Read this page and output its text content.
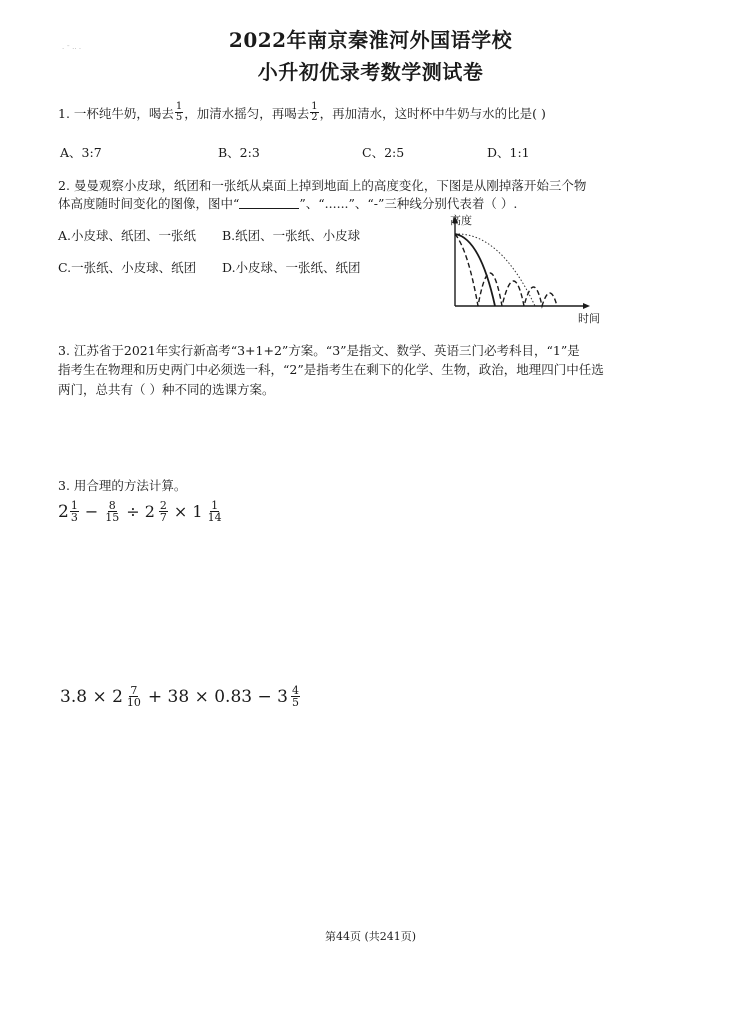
· ˉ ·· ·	2022年南京秦淮河外国语学校
小升初优录考数学测试卷
1. 一杯纯牛奶，喝去 $\frac{1}{5}$ ，加清水摇匀，再喝去 $\frac{1}{2}$ ，再加清水，这时杯中牛奶与水的比是( )
A、3:7	B、2:3	C、2:5	D、1:1
2. 曼曼观察小皮球，纸团和一张纸从桌面上掉到地面上的高度变化，下图是从刚掉落开始三个物
体高度随时间变化的图像，图中“	”、“......”、“-”三种线分别代表着（ ）.
A.小皮球、纸团、一张纸 B.纸团、一张纸、小皮球
C.一张纸、小皮球、纸团 D.小皮球、一张纸、纸团
高度
时间
3. 江苏省于2021年实行新高考“3+1+2”方案。“3”是指文、数学、英语三门必考科目，“1”是
指考生在物理和历史两门中必须选一科，“2”是指考生在剩下的化学、生物，政治，地理四门中任选
两门，总共有（ ）种不同的选课方案。
3. 用合理的方法计算。
$2 \frac{1}{3} - \frac{8}{15} \div 2 \frac{2}{7} \times 1 \frac{1}{14}$
$3.8 \times 2 \frac{7}{10} + 38 \times 0.83 - 3 \frac{4}{5}$
第44页 (共241页)
